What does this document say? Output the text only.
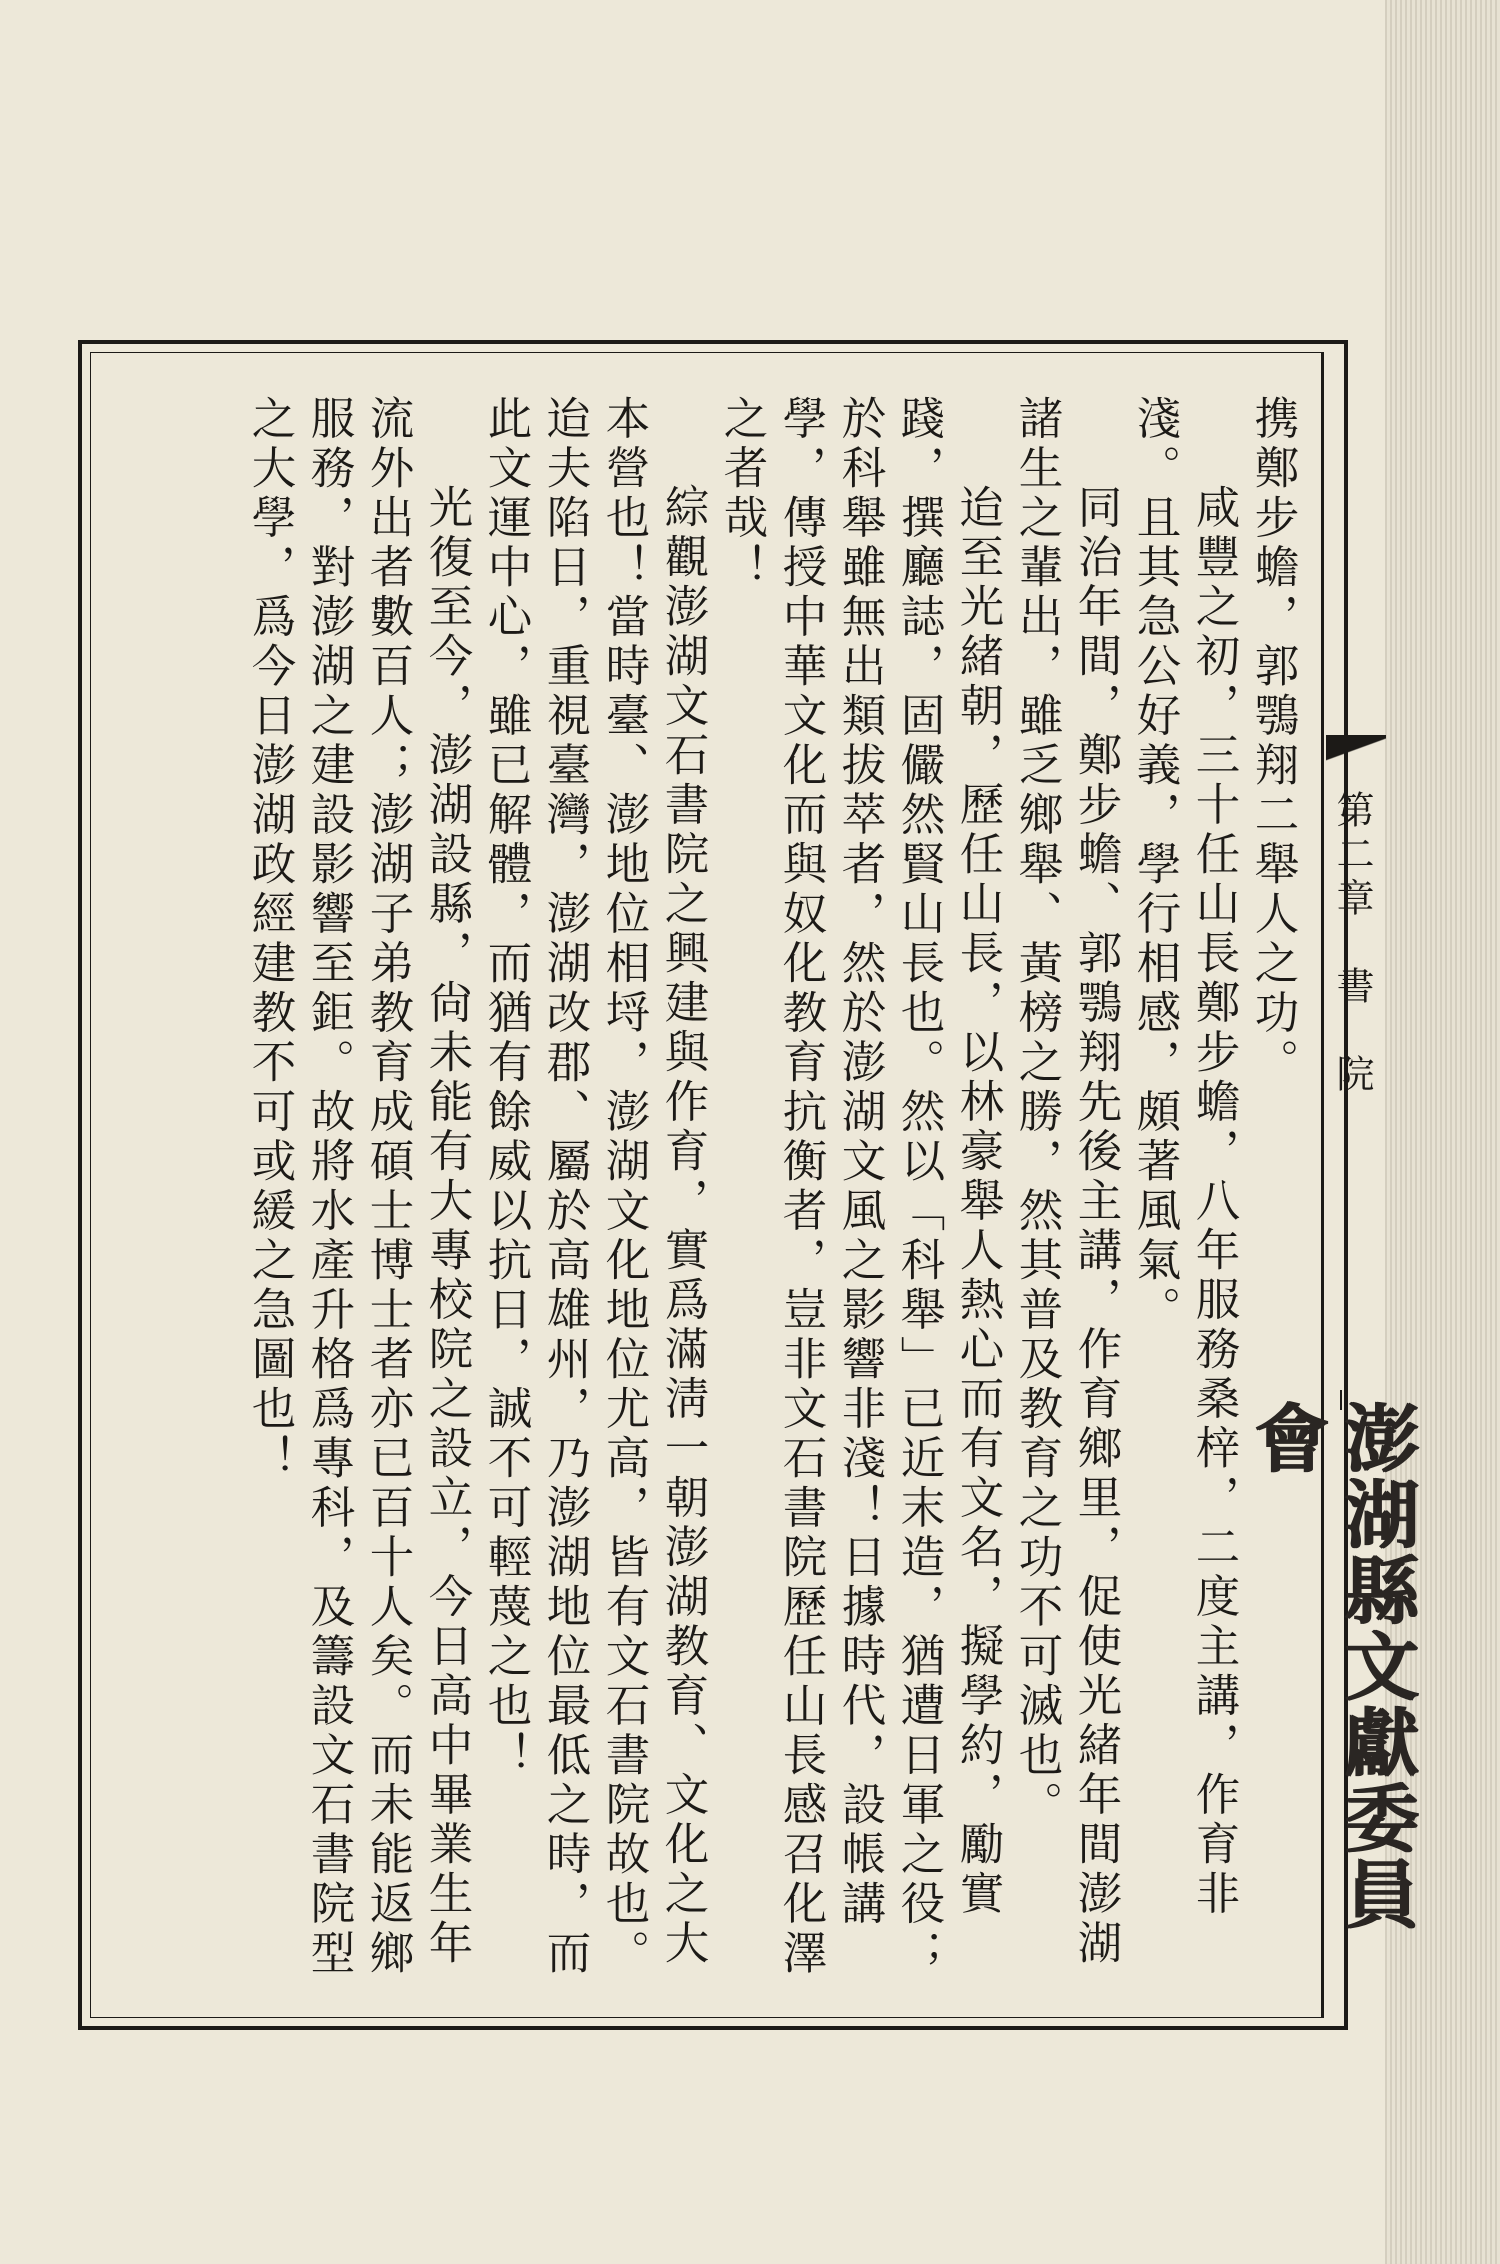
第二章　書　院
澎湖縣文獻委員會

携鄭步蟾，郭鶚翔二舉人之功。

咸豐之初，三十任山長鄭步蟾，八年服務桑梓，二度主講，作育非淺。且其急公好義，學行相感，頗著風氣。

同治年間，鄭步蟾、郭鶚翔先後主講，作育鄉里，促使光緒年間澎湖諸生之輩出，雖乏鄉舉、黃榜之勝，然其普及教育之功不可滅也。

迨至光緒朝，歷任山長，以林豪舉人熱心而有文名，擬學約，勵實踐，撰廳誌，固儼然賢山長也。然以「科舉」已近末造，猶遭日軍之役；於科舉雖無出類拔萃者，然於澎湖文風之影響非淺！日據時代，設帳講學，傳授中華文化而與奴化教育抗衡者，豈非文石書院歷任山長感召化澤之者哉！

綜觀澎湖文石書院之興建與作育，實爲滿淸一朝澎湖教育、文化之大本營也！當時臺、澎地位相埒，澎湖文化地位尤高，皆有文石書院故也。迨夫陷日，重視臺灣，澎湖改郡、屬於高雄州，乃澎湖地位最低之時，而此文運中心，雖已解體，而猶有餘威以抗日，誠不可輕蔑之也！

光復至今，澎湖設縣，尙未能有大專校院之設立，今日高中畢業生年流外出者數百人；澎湖子弟教育成碩士博士者亦已百十人矣。而未能返鄉服務，對澎湖之建設影響至鉅。故將水產升格爲專科，及籌設文石書院型之大學，爲今日澎湖政經建教不可或緩之急圖也！
